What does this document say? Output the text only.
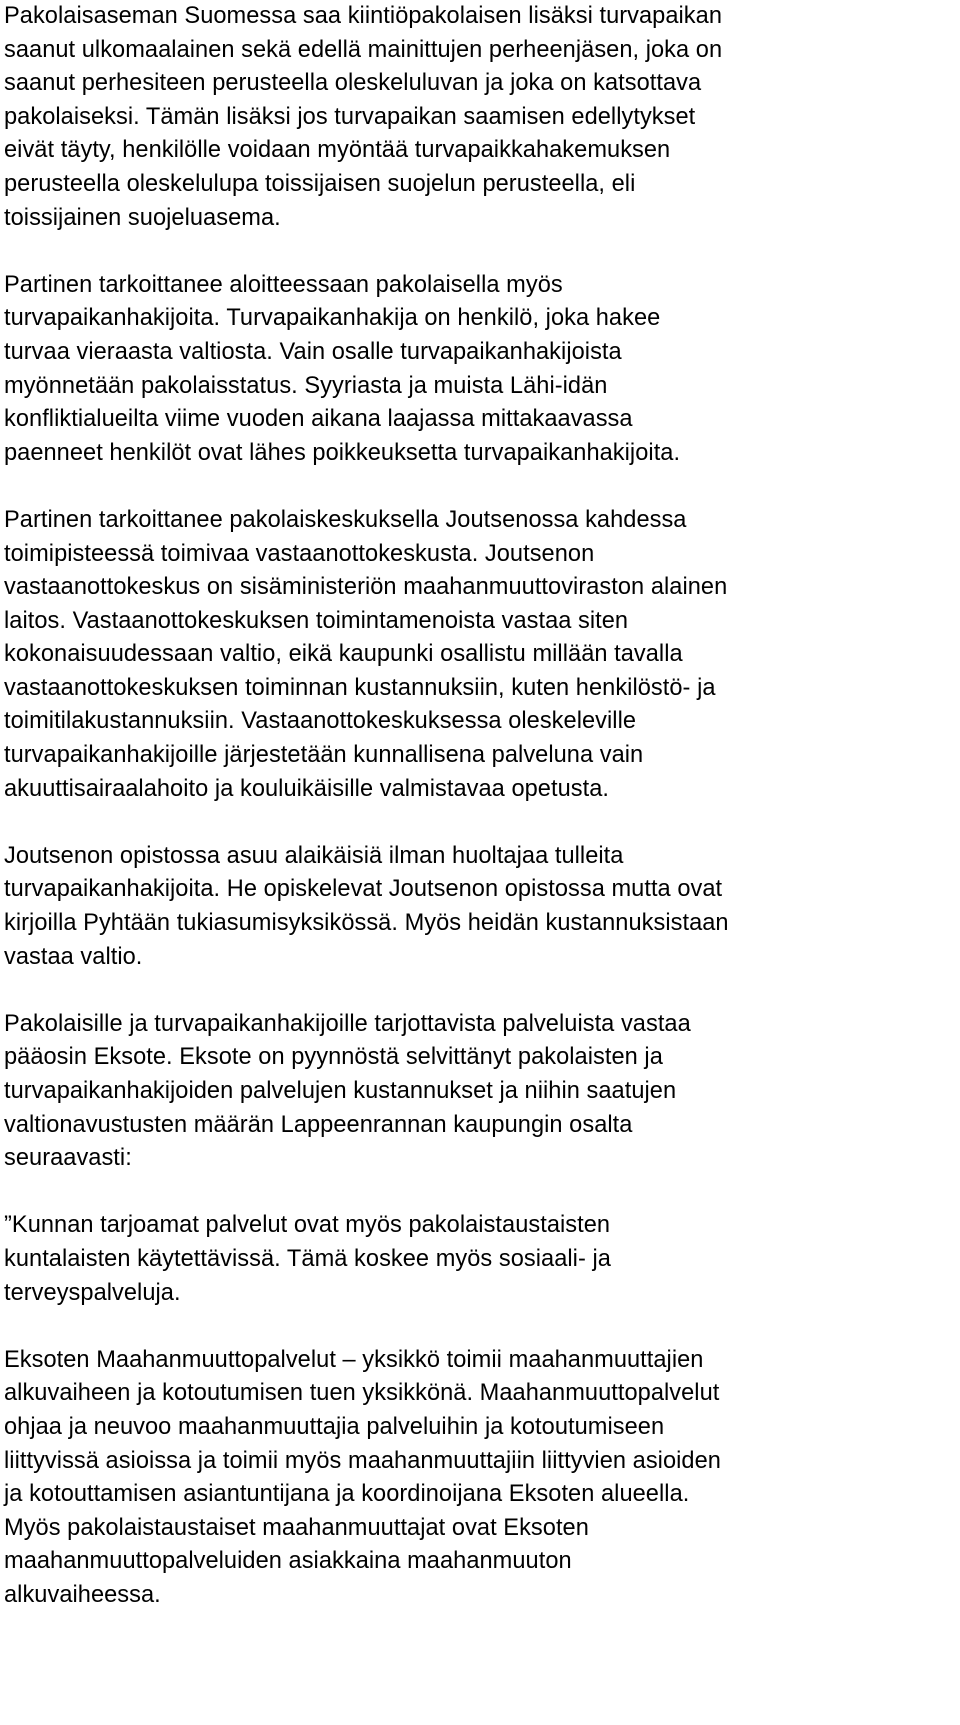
Pakolaisaseman Suomessa saa kiintiöpakolaisen lisäksi turvapaikan
saanut ulkomaalainen sekä edellä mainittujen perheenjäsen, joka on
saanut perhesiteen perusteella oleskeluluvan ja joka on katsottava
pakolaiseksi. Tämän lisäksi jos turvapaikan saamisen edellytykset
eivät täyty, henkilölle voidaan myöntää turvapaikkahakemuksen
perusteella oleskelulupa toissijaisen suojelun perusteella, eli
toissijainen suojeluasema.

Partinen tarkoittanee aloitteessaan pakolaisella myös
turvapaikanhakijoita. Turvapaikanhakija on henkilö, joka hakee
turvaa vieraasta valtiosta. Vain osalle turvapaikanhakijoista
myönnetään pakolaisstatus. Syyriasta ja muista Lähi-idän
konfliktialueilta viime vuoden aikana laajassa mittakaavassa
paenneet henkilöt ovat lähes poikkeuksetta turvapaikanhakijoita.

Partinen tarkoittanee pakolaiskeskuksella Joutsenossa kahdessa
toimipisteessä toimivaa vastaanottokeskusta. Joutsenon
vastaanottokeskus on sisäministeriön maahanmuuttoviraston alainen
laitos. Vastaanottokeskuksen toimintamenoista vastaa siten
kokonaisuudessaan valtio, eikä kaupunki osallistu millään tavalla
vastaanottokeskuksen toiminnan kustannuksiin, kuten henkilöstö- ja
toimitilakustannuksiin. Vastaanottokeskuksessa oleskeleville
turvapaikanhakijoille järjestetään kunnallisena palveluna vain
akuuttisairaalahoito ja kouluikäisille valmistavaa opetusta.

Joutsenon opistossa asuu alaikäisiä ilman huoltajaa tulleita
turvapaikanhakijoita. He opiskelevat Joutsenon opistossa mutta ovat
kirjoilla Pyhtään tukiasumisyksikössä. Myös heidän kustannuksistaan
vastaa valtio.

Pakolaisille ja turvapaikanhakijoille tarjottavista palveluista vastaa
pääosin Eksote. Eksote on pyynnöstä selvittänyt pakolaisten ja
turvapaikanhakijoiden palvelujen kustannukset ja niihin saatujen
valtionavustusten määrän Lappeenrannan kaupungin osalta
seuraavasti:

”Kunnan tarjoamat palvelut ovat myös pakolaistaustaisten
kuntalaisten käytettävissä. Tämä koskee myös sosiaali- ja
terveyspalveluja.

Eksoten Maahanmuuttopalvelut – yksikkö toimii maahanmuuttajien
alkuvaiheen ja kotoutumisen tuen yksikkönä. Maahanmuuttopalvelut
ohjaa ja neuvoo maahanmuuttajia palveluihin ja kotoutumiseen
liittyvissä asioissa ja toimii myös maahanmuuttajiin liittyvien asioiden
ja kotouttamisen asiantuntijana ja koordinoijana Eksoten alueella.
Myös pakolaistaustaiset maahanmuuttajat ovat Eksoten
maahanmuuttopalveluiden asiakkaina maahanmuuton
alkuvaiheessa.
